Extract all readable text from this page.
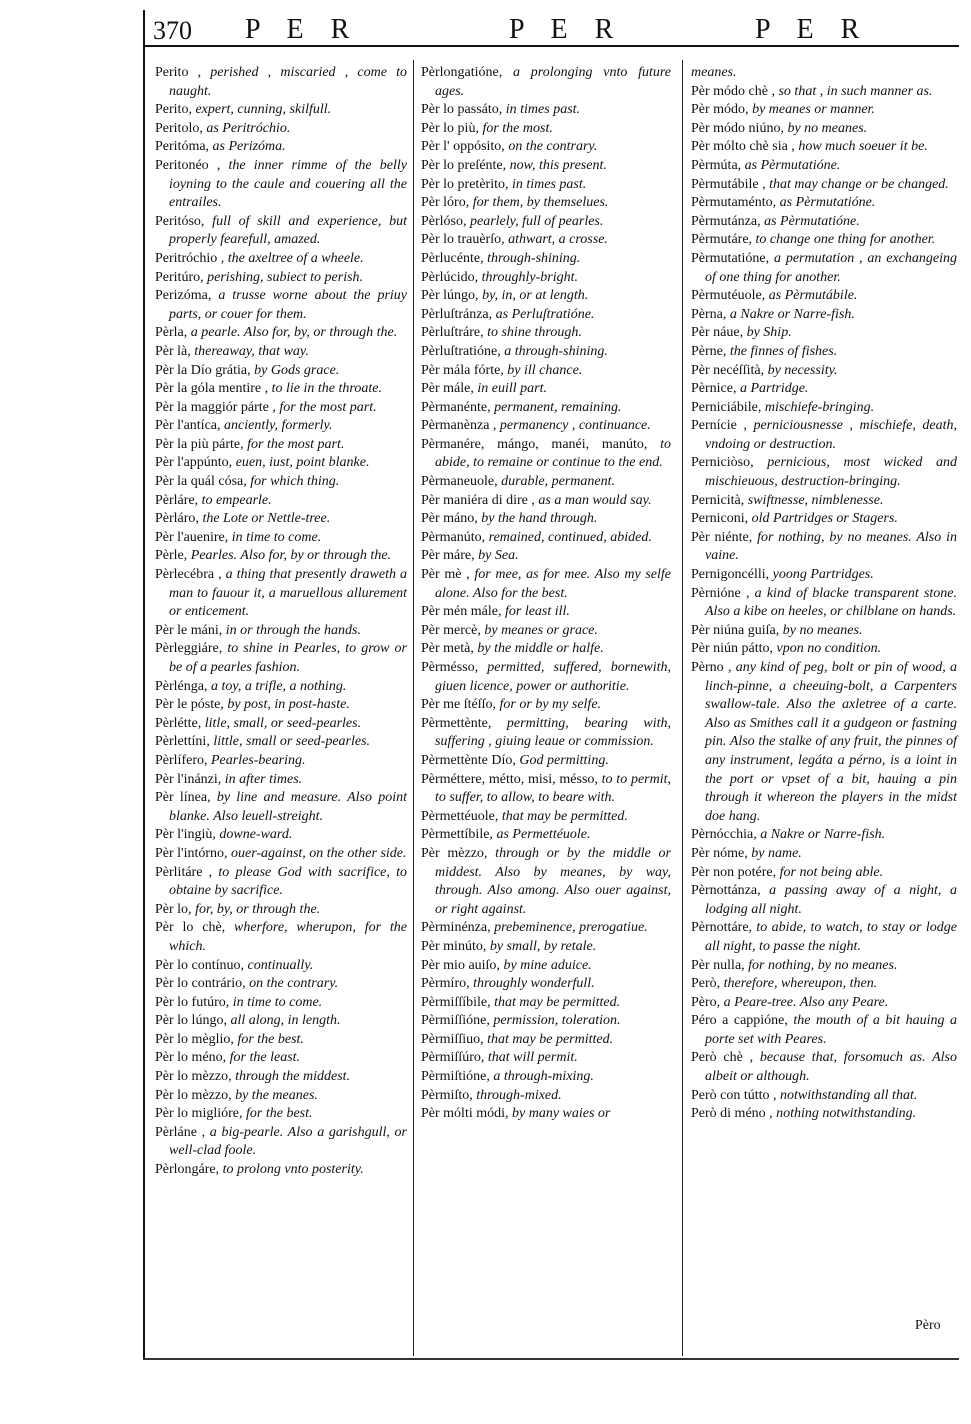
370 P E R	P E R	P E R

Perito , perished , miscaried , come to naught.

Perito, expert, cunning, skilfull.

Peritolo, as Peritróchio.

Peritóma, as Perizóma.

Peritonéo , the inner rimme of the belly ioyning to the caule and couering all the entrailes.

Peritóso, full of skill and experience, but properly fearefull, amazed.

Peritróchio , the axeltree of a wheele.

Peritúro, perishing, subiect to perish.

Perizóma, a trusse worne about the priuy parts, or couer for them.

Pèrla, a pearle. Also for, by, or through the.

Pèr là, thereaway, that way.

Pèr la Dío grátia, by Gods grace.

Pèr la góla mentire , to lie in the throate.

Pèr la maggiór párte , for the most part.

Pèr l'antíca, anciently, formerly.

Pèr la più párte, for the most part.

Pèr l'appúnto, euen, iust, point blanke.

Pèr la quál cósa, for which thing.

Pèrláre, to empearle.

Pèrláro, the Lote or Nettle-tree.

Pèr l'auenire, in time to come.

Pèrle, Pearles. Also for, by or through the.

Pèrlecébra , a thing that presently draweth a man to fauour it, a maruellous allurement or enticement.

Pèr le máni, in or through the hands.

Pèrleggiáre, to shine in Pearles, to grow or be of a pearles fashion.

Pèrlénga, a toy, a trifle, a nothing.

Pèr le póste, by post, in post-haste.

Pèrlétte, litle, small, or seed-pearles.

Pèrlettíni, little, small or seed-pearles.

Pèrlífero, Pearles-bearing.

Pèr l'inánzi, in after times.

Pèr línea, by line and measure. Also point blanke. Also leuell-streight.

Pèr l'ingiù, downe-ward.

Pèr l'intórno, ouer-against, on the other side.

Pèrlitáre , to please God with sacrifice, to obtaine by sacrifice.

Pèr lo, for, by, or through the.

Pèr lo chè, wherfore, wherupon, for the which.

Pèr lo contínuo, continually.

Pèr lo contrário, on the contrary.

Pèr lo futúro, in time to come.

Pèr lo lúngo, all along, in length.

Pèr lo mèglio, for the best.

Pèr lo méno, for the least.

Pèr lo mèzzo, through the middest.

Pèr lo mèzzo, by the meanes.

Pèr lo miglióre, for the best.

Pèrláne , a big-pearle. Also a garishgull, or well-clad foole.

Pèrlongáre, to prolong vnto posterity.

Pèrlongatióne, a prolonging vnto future ages.

Pèr lo passáto, in times past.

Pèr lo più, for the most.

Pèr l' oppósito, on the contrary.

Pèr lo preſénte, now, this present.

Pèr lo pretèrito, in times past.

Pèr lóro, for them, by themselues.

Pèrlóso, pearlely, full of pearles.

Pèr lo trauèrſo, athwart, a crosse.

Pèrlucénte, through-shining.

Pèrlúcido, throughly-bright.

Pèr lúngo, by, in, or at length.

Pèrluſtránza, as Perluſtratióne.

Pèrluſtráre, to shine through.

Pèrluſtratióne, a through-shining.

Pèr mála fórte, by ill chance.

Pèr mále, in euill part.

Pèrmanénte, permanent, remaining.

Pèrmanènza , permanency , continuance.

Pèrmanére, mángo, manéi, manúto, to abide, to remaine or continue to the end.

Pèrmaneuole, durable, permanent.

Pèr maniéra di dire , as a man would say.

Pèr máno, by the hand through.

Pèrmanúto, remained, continued, abided.

Pèr máre, by Sea.

Pèr mè , for mee, as for mee. Also my selfe alone. Also for the best.

Pèr mén mále, for least ill.

Pèr mercè, by meanes or grace.

Pèr metà, by the middle or halfe.

Pèrmésso, permitted, suffered, bornewith, giuen licence, power or authoritie.

Pèr me ſtéſſo, for or by my selfe.

Pèrmettènte, permitting, bearing with, suffering , giuing leaue or commission.

Pèrmettènte Dío, God permitting.

Pèrméttere, métto, misi, mésso, to to permit, to suffer, to allow, to beare with.

Pèrmettéuole, that may be permitted.

Pèrmettíbile, as Permettéuole.

Pèr mèzzo, through or by the middle or middest. Also by meanes, by way, through. Also among. Also ouer against, or right against.

Pèrminénza, prebeminence, prerogatiue.

Pèr minúto, by small, by retale.

Pèr mio auiſo, by mine aduice.

Pèrmíro, throughly wonderfull.

Pèrmiſſíbile, that may be permitted.

Pèrmiſſióne, permission, toleration.

Pèrmiſſiuo, that may be permitted.

Pèrmiſſúro, that will permit.

Pèrmiſtióne, a through-mixing.

Pèrmiſto, through-mixed.

Pèr mólti módi, by many waies or

meanes.

Pèr módo chè , so that , in such manner as.

Pèr módo, by meanes or manner.

Pèr módo niúno, by no meanes.

Pèr mólto chè sia , how much soeuer it be.

Pèrmúta, as Pèrmutatióne.

Pèrmutábile , that may change or be changed.

Pèrmutaménto, as Pèrmutatióne.

Pèrmutánza, as Pèrmutatióne.

Pèrmutáre, to change one thing for another.

Pèrmutatióne, a permutation , an exchangeing of one thing for another.

Pèrmutéuole, as Pèrmutábile.

Pèrna, a Nakre or Narre-fish.

Pèr náue, by Ship.

Pèrne, the finnes of fishes.

Pèr necéſſità, by necessity.

Pèrnice, a Partridge.

Perniciábile, mischiefe-bringing.

Pernície , perniciousnesse , mischiefe, death, vndoing or destruction.

Perniciòso, pernicious, most wicked and mischieuous, destruction-bringing.

Pernicità, swiftnesse, nimblenesse.

Perniconi, old Partridges or Stagers.

Pèr niénte, for nothing, by no meanes. Also in vaine.

Pernigoncélli, yoong Partridges.

Pèrnióne , a kind of blacke transparent stone. Also a kibe on heeles, or chilblane on hands.

Pèr niúna guiſa, by no meanes.

Pèr niún pátto, vpon no condition.

Pèrno , any kind of peg, bolt or pin of wood, a linch-pinne, a cheeuing-bolt, a Carpenters swallow-tale. Also the axletree of a carte. Also as Smithes call it a gudgeon or fastning pin. Also the stalke of any fruit, the pinnes of any instrument, legáta a pérno, is a ioint in the port or vpset of a bit, hauing a pin through it whereon the players in the midst doe hang.

Pèrnócchia, a Nakre or Narre-fish.

Pèr nóme, by name.

Pèr non potére, for not being able.

Pèrnottánza, a passing away of a night, a lodging all night.

Pèrnottáre, to abide, to watch, to stay or lodge all night, to passe the night.

Pèr nulla, for nothing, by no meanes.

Però, therefore, whereupon, then.

Pèro, a Peare-tree. Also any Peare.

Péro a cappióne, the mouth of a bit hauing a porte set with Peares.

Però chè , because that, forsomuch as. Also albeit or although.

Però con tútto , notwithstanding all that.

Però di méno , nothing notwithstanding.

Pèro
